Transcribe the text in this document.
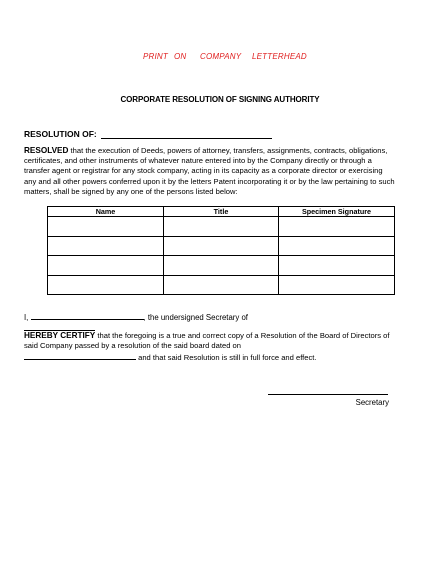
PRINT ON COMPANY LETTERHEAD
CORPORATE RESOLUTION OF SIGNING AUTHORITY
RESOLUTION OF:
RESOLVED that the execution of Deeds, powers of attorney, transfers, assignments, contracts, obligations, certificates, and other instruments of whatever nature entered into by the Company directly or through a transfer agent or registrar for any stock company, acting in its capacity as a corporate director or exercising any and all other powers conferred upon it by the letters Patent incorporating it or by the law pertaining to such matters, shall be signed by any one of the persons listed below:
Name	Title	Specimen Signature

I,	, the undersigned Secretary of
HEREBY CERTIFY that the foregoing is a true and correct copy of a Resolution of the Board of Directors of said Company passed by a resolution of the said board dated on
and that said Resolution is still in full force and effect.
Secretary
